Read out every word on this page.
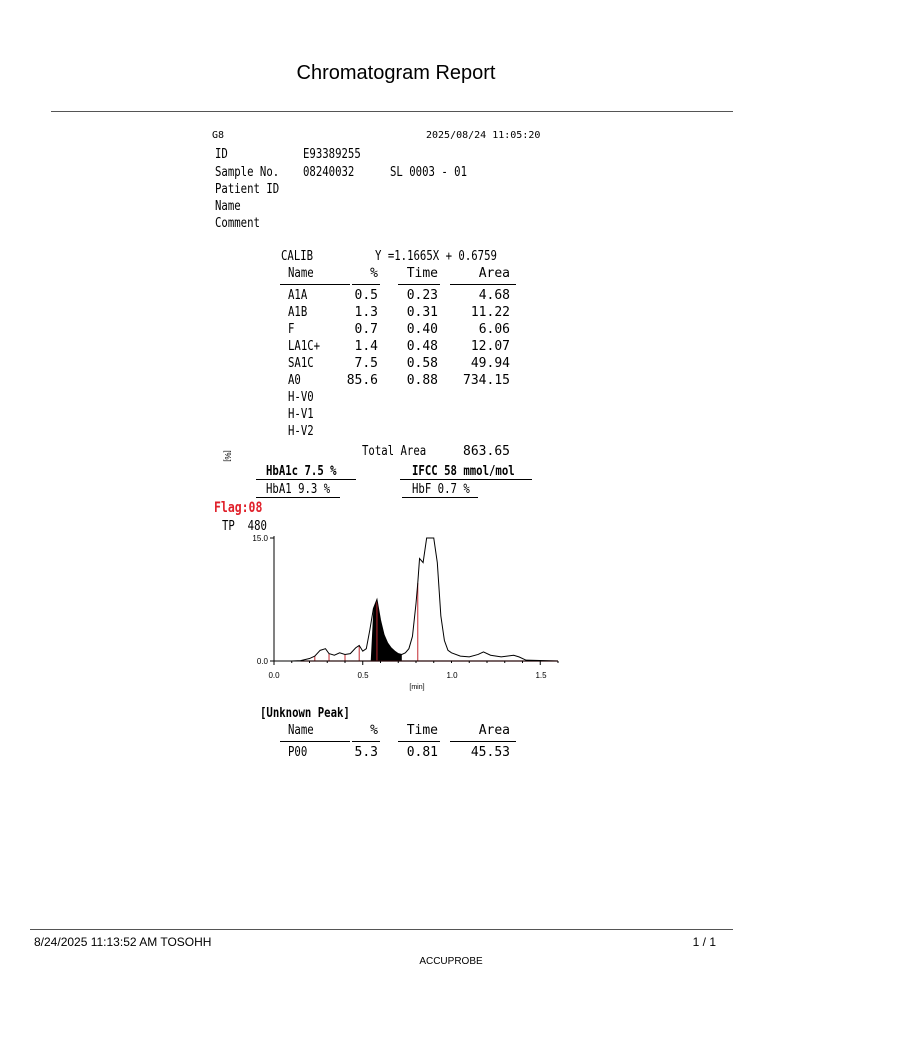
Chromatogram Report
G8	2025/08/24 11:05:20
ID	E93389255
Sample No. 08240032	SL 0003 - 01
Patient ID
Name
Comment
CALIB	Y =1.1665X + 0.6759
Name	%	Time	Area
A1A	0.5	0.23	4.68
A1B	1.3	0.31	11.22
F	0.7	0.40	6.06
LA1C+	1.4	0.48	12.07
SA1C	7.5	0.58	49.94
A0	85.6	0.88	734.15
H-V0
H-V1
H-V2
Total Area	863.65
HbA1c 7.5 %	IFCC 58 mmol/mol
HbA1 9.3 %	HbF 0.7 %
Flag:08
TP  480
15.0
0.0
[%]
0.0	0.5	1.0	1.5
[min]
[Unknown Peak]
Name	%	Time	Area
P00	5.3	0.81	45.53
8/24/2025 11:13:52 AM TOSOHH	1 / 1
ACCUPROBE
